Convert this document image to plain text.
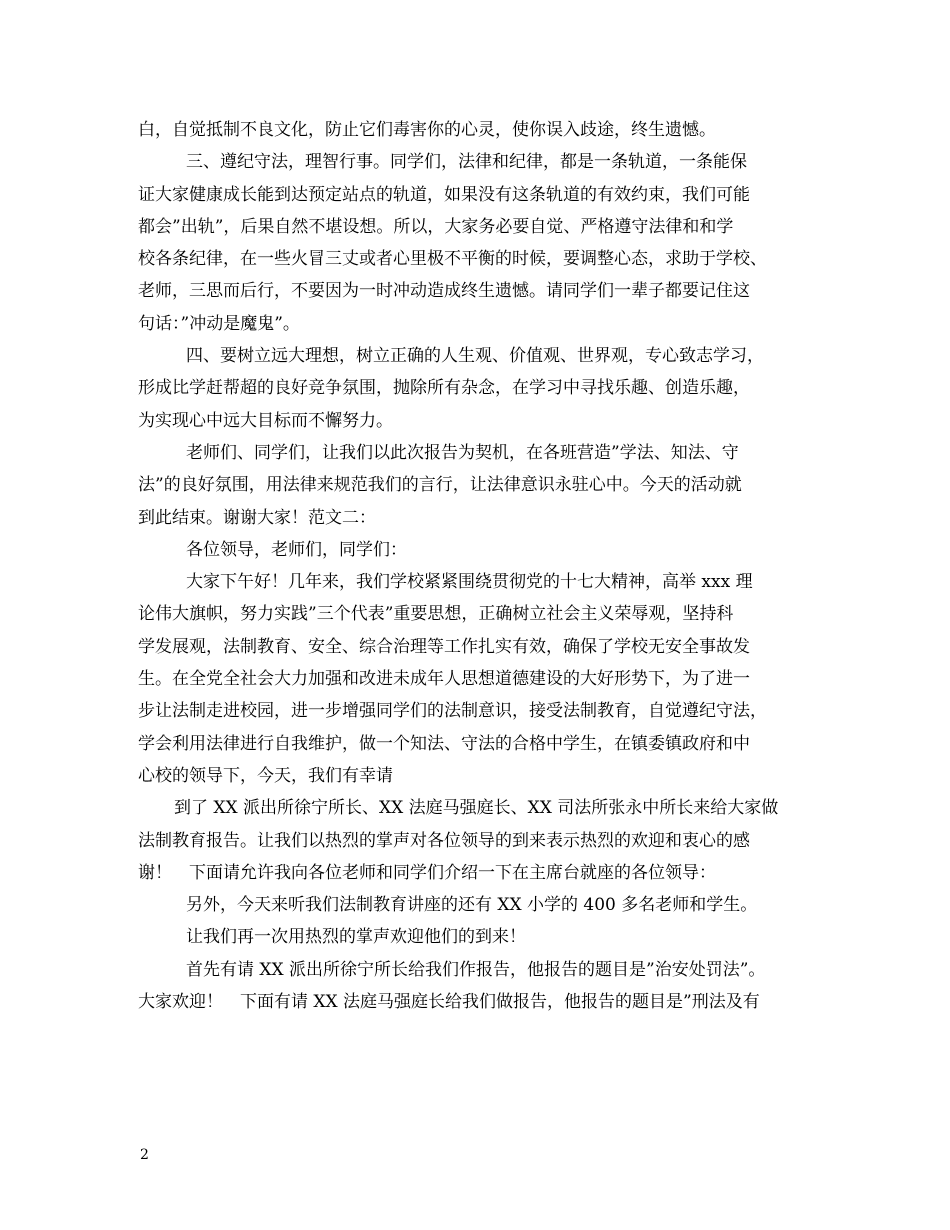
白，自觉抵制不良文化，防止它们毒害你的心灵，使你误入歧途，终生遗憾。
三、遵纪守法，理智行事。同学们，法律和纪律，都是一条轨道，一条能保
证大家健康成长能到达预定站点的轨道，如果没有这条轨道的有效约束，我们可能
都会”出轨”，后果自然不堪设想。所以，大家务必要自觉、严格遵守法律和和学
校各条纪律，在一些火冒三丈或者心里极不平衡的时候，要调整心态，求助于学校、
老师，三思而后行，不要因为一时冲动造成终生遗憾。请同学们一辈子都要记住这
句话：”冲动是魔鬼”。
四、要树立远大理想，树立正确的人生观、价值观、世界观，专心致志学习，
形成比学赶帮超的良好竞争氛围，抛除所有杂念，在学习中寻找乐趣、创造乐趣，
为实现心中远大目标而不懈努力。
老师们、同学们，让我们以此次报告为契机，在各班营造”学法、知法、守
法”的良好氛围，用法律来规范我们的言行，让法律意识永驻心中。今天的活动就
到此结束。谢谢大家！范文二：
各位领导，老师们，同学们：
大家下午好！几年来，我们学校紧紧围绕贯彻党的十七大精神，高举 xxx 理
论伟大旗帜，努力实践”三个代表”重要思想，正确树立社会主义荣辱观，坚持科
学发展观，法制教育、安全、综合治理等工作扎实有效，确保了学校无安全事故发
生。在全党全社会大力加强和改进未成年人思想道德建设的大好形势下，为了进一
步让法制走进校园，进一步增强同学们的法制意识，接受法制教育，自觉遵纪守法，
学会利用法律进行自我维护，做一个知法、守法的合格中学生，在镇委镇政府和中
心校的领导下，今天，我们有幸请
到了 XX 派出所徐宁所长、XX 法庭马强庭长、XX 司法所张永中所长来给大家做
法制教育报告。让我们以热烈的掌声对各位领导的到来表示热烈的欢迎和衷心的感
谢！　下面请允许我向各位老师和同学们介绍一下在主席台就座的各位领导：
另外，今天来听我们法制教育讲座的还有 XX 小学的 400 多名老师和学生。
让我们再一次用热烈的掌声欢迎他们的到来！
首先有请 XX 派出所徐宁所长给我们作报告，他报告的题目是”治安处罚法”。
大家欢迎！　下面有请 XX 法庭马强庭长给我们做报告，他报告的题目是”刑法及有
2
